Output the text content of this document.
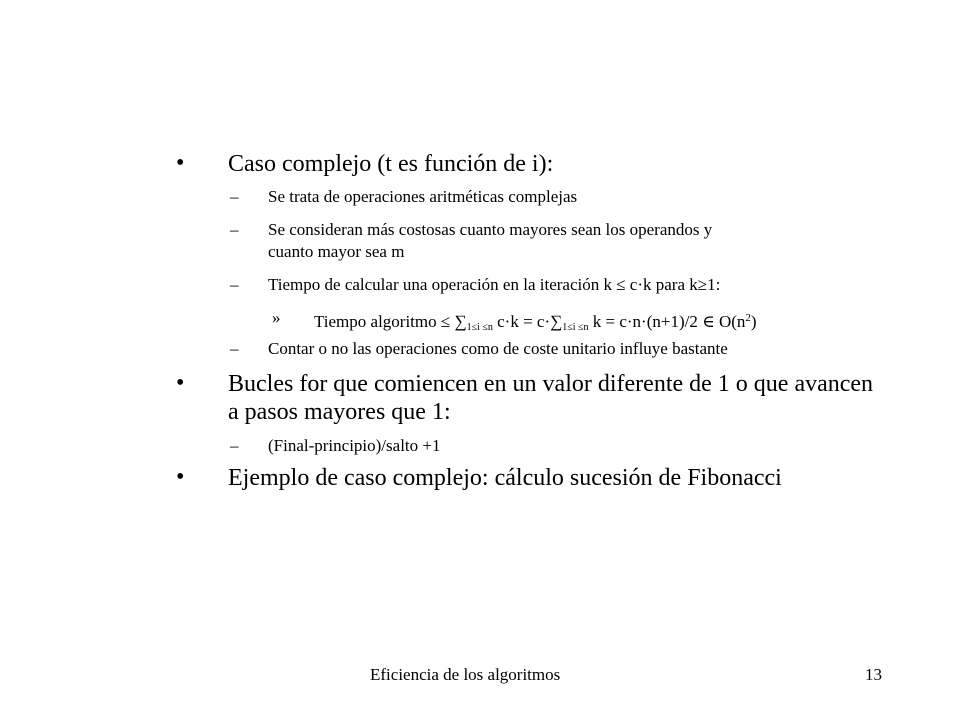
• Caso complejo (t es función de i):
– Se trata de operaciones aritméticas complejas
– Se consideran más costosas cuanto mayores sean los operandos y
cuanto mayor sea m
– Tiempo de calcular una operación en la iteración k ≤ c·k para k≥1:
» Tiempo algoritmo ≤ $\sum_{1\le i \le n}$ $c\cdot k = c\cdot\sum_{1\le i \le n}$ k = c·n·(n+1)/2 ∈ $O(n^2)$
– Contar o no las operaciones como de coste unitario influye bastante
• Bucles for que comiencen en un valor diferente de 1 o que avancen
a pasos mayores que 1:
– (Final-principio)/salto +1
• Ejemplo de caso complejo: cálculo sucesión de Fibonacci
Eficiencia de los algoritmos	13
